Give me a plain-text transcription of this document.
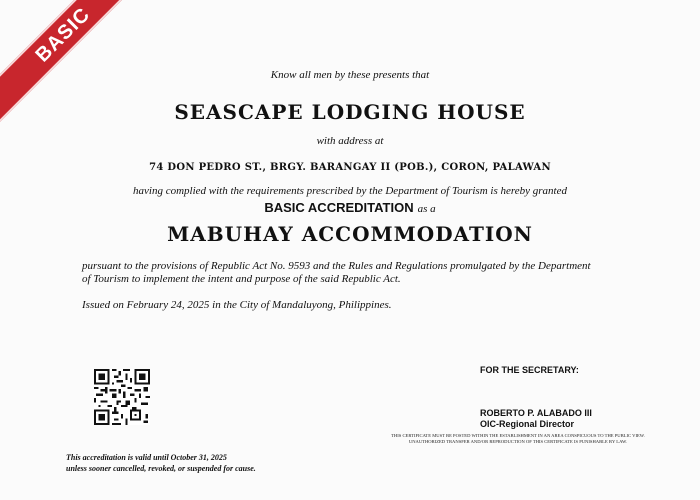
BASIC
Know all men by these presents that
SEASCAPE LODGING HOUSE
with address at
74 DON PEDRO ST., BRGY. BARANGAY II (POB.), CORON, PALAWAN
having complied with the requirements prescribed by the Department of Tourism is hereby granted
BASIC ACCREDITATION as a
MABUHAY ACCOMMODATION
pursuant to the provisions of Republic Act No. 9593 and the Rules and Regulations promulgated by the Department
of Tourism to implement the intent and purpose of the said Republic Act.
Issued on February 24, 2025 in the City of Mandaluyong, Philippines.
FOR THE SECRETARY:
ROBERTO P. ALABADO III
OIC-Regional Director
THIS CERTIFICATE MUST BE POSTED WITHIN THE ESTABLISHMENT IN AN AREA CONSPICUOUS TO THE PUBLIC VIEW.
UNAUTHORIZED TRANSFER AND/OR REPRODUCTION OF THIS CERTIFICATE IS PUNISHABLE BY LAW.
This accreditation is valid until October 31, 2025
unless sooner cancelled, revoked, or suspended for cause.
